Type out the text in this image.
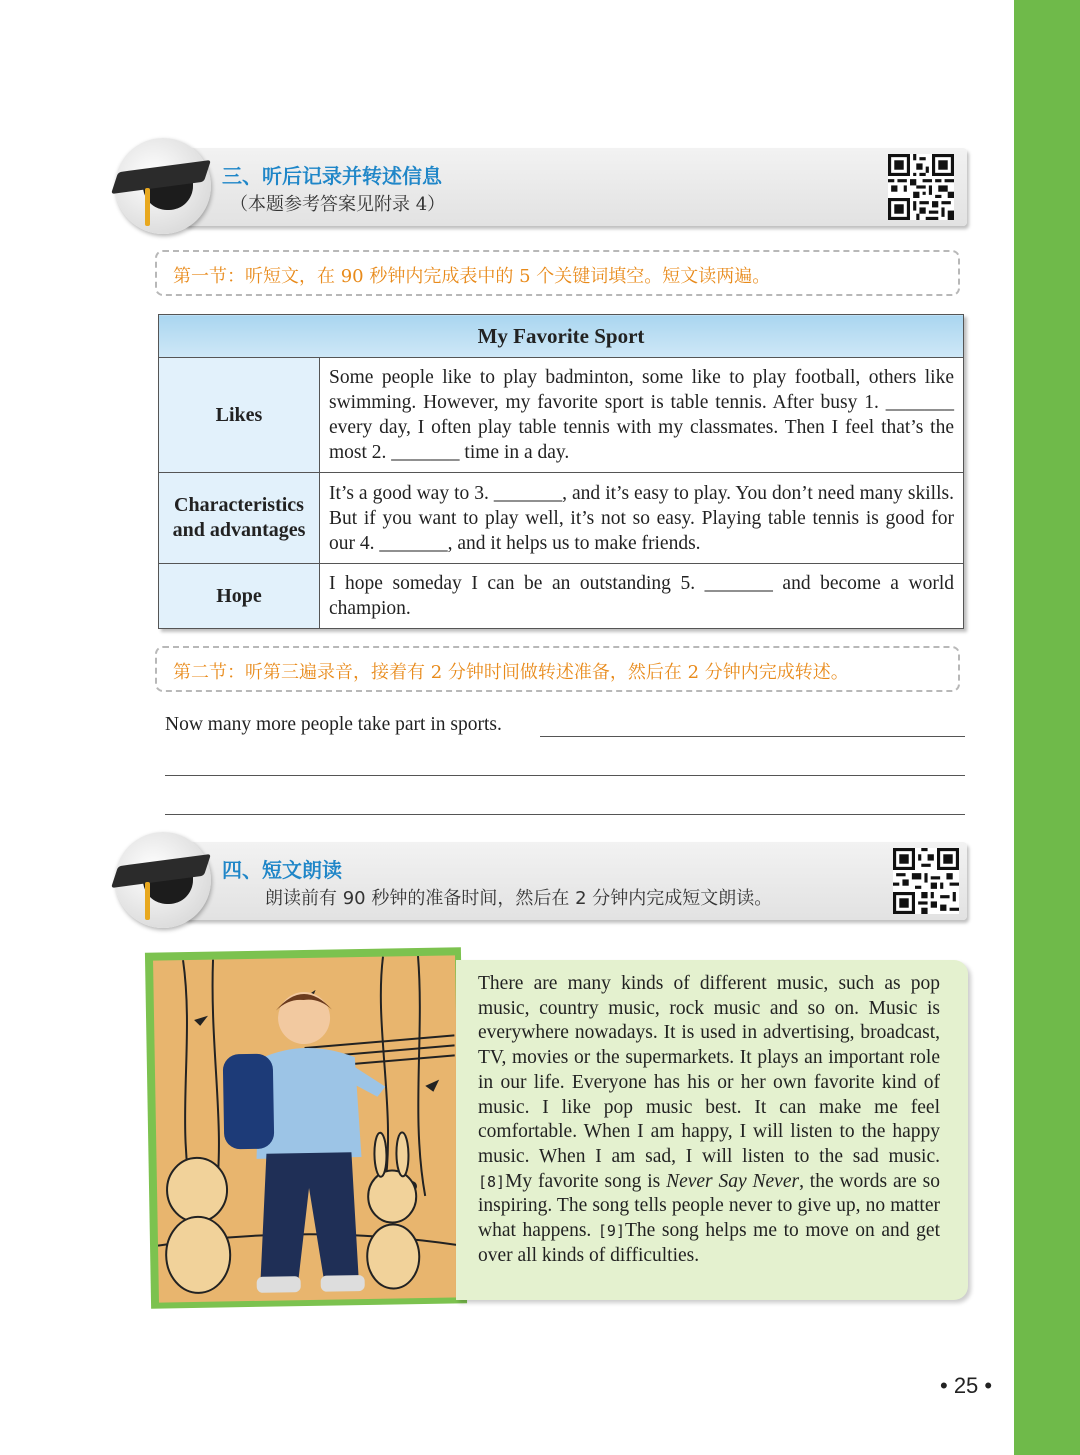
三、听后记录并转述信息
（本题参考答案见附录 4）
第一节：听短文，在 90 秒钟内完成表中的 5 个关键词填空。短文读两遍。
My Favorite Sport	
Likes	Some people like to play badminton, some like to play football, others like swimming. However, my favorite sport is table tennis. After busy 1. _______ every day, I often play table tennis with my classmates. Then I feel that’s the most 2. _______ time in a day.
Characteristics and advantages	It’s a good way to 3. _______, and it’s easy to play. You don’t need many skills. But if you want to play well, it’s not so easy. Playing table tennis is good for our 4. _______, and it helps us to make friends.
Hope	I hope someday I can be an outstanding 5. _______ and become a world champion.
第二节：听第三遍录音，接着有 2 分钟时间做转述准备，然后在 2 分钟内完成转述。
Now many more people take part in sports.
四、短文朗读
朗读前有 90 秒钟的准备时间，然后在 2 分钟内完成短文朗读。
There are many kinds of different music, such as pop music, country music, rock music and so on. Music is everywhere nowadays. It is used in advertising, broadcast, TV, movies or the supermarkets. It plays an important role in our life. Everyone has his or her own favorite kind of music. I like pop music best. It can make me feel comfortable. When I am happy, I will listen to the happy music. When I am sad, I will listen to the sad music. [8]My favorite song is Never Say Never, the words are so inspiring. The song tells people never to give up, no matter what happens. [9]The song helps me to move on and get over all kinds of difficulties.
• 25 •
